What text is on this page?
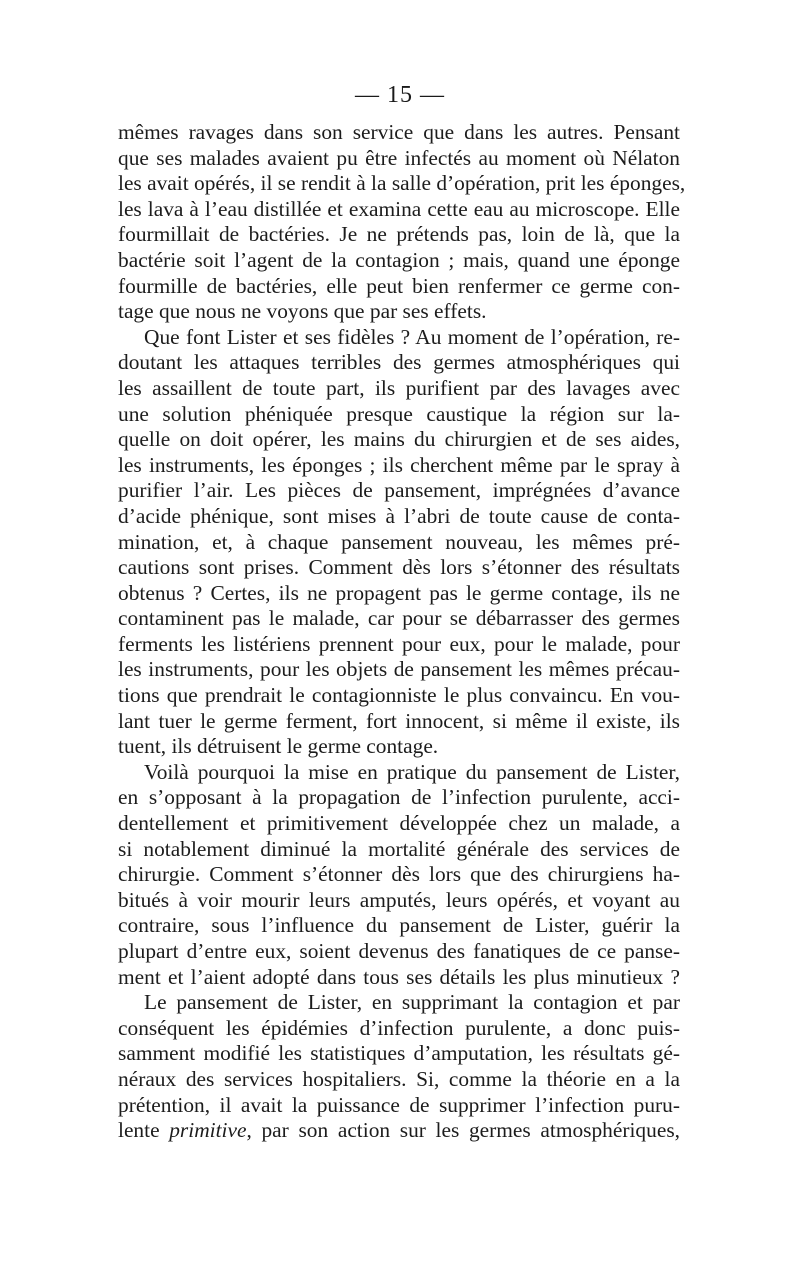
— 15 —
mêmes ravages dans son service que dans les autres. Pensant
que ses malades avaient pu être infectés au moment où Nélaton
les avait opérés, il se rendit à la salle d’opération, prit les éponges,
les lava à l’eau distillée et examina cette eau au microscope. Elle
fourmillait de bactéries. Je ne prétends pas, loin de là, que la
bactérie soit l’agent de la contagion ; mais, quand une éponge
fourmille de bactéries, elle peut bien renfermer ce germe con-
tage que nous ne voyons que par ses effets.
Que font Lister et ses fidèles ? Au moment de l’opération, re-
doutant les attaques terribles des germes atmosphériques qui
les assaillent de toute part, ils purifient par des lavages avec
une solution phéniquée presque caustique la région sur la-
quelle on doit opérer, les mains du chirurgien et de ses aides,
les instruments, les éponges ; ils cherchent même par le spray à
purifier l’air. Les pièces de pansement, imprégnées d’avance
d’acide phénique, sont mises à l’abri de toute cause de conta-
mination, et, à chaque pansement nouveau, les mêmes pré-
cautions sont prises. Comment dès lors s’étonner des résultats
obtenus ? Certes, ils ne propagent pas le germe contage, ils ne
contaminent pas le malade, car pour se débarrasser des germes
ferments les listériens prennent pour eux, pour le malade, pour
les instruments, pour les objets de pansement les mêmes précau-
tions que prendrait le contagionniste le plus convaincu. En vou-
lant tuer le germe ferment, fort innocent, si même il existe, ils
tuent, ils détruisent le germe contage.
Voilà pourquoi la mise en pratique du pansement de Lister,
en s’opposant à la propagation de l’infection purulente, acci-
dentellement et primitivement développée chez un malade, a
si notablement diminué la mortalité générale des services de
chirurgie. Comment s’étonner dès lors que des chirurgiens ha-
bitués à voir mourir leurs amputés, leurs opérés, et voyant au
contraire, sous l’influence du pansement de Lister, guérir la
plupart d’entre eux, soient devenus des fanatiques de ce panse-
ment et l’aient adopté dans tous ses détails les plus minutieux ?
Le pansement de Lister, en supprimant la contagion et par
conséquent les épidémies d’infection purulente, a donc puis-
samment modifié les statistiques d’amputation, les résultats gé-
néraux des services hospitaliers. Si, comme la théorie en a la
prétention, il avait la puissance de supprimer l’infection puru-
lente primitive, par son action sur les germes atmosphériques,
